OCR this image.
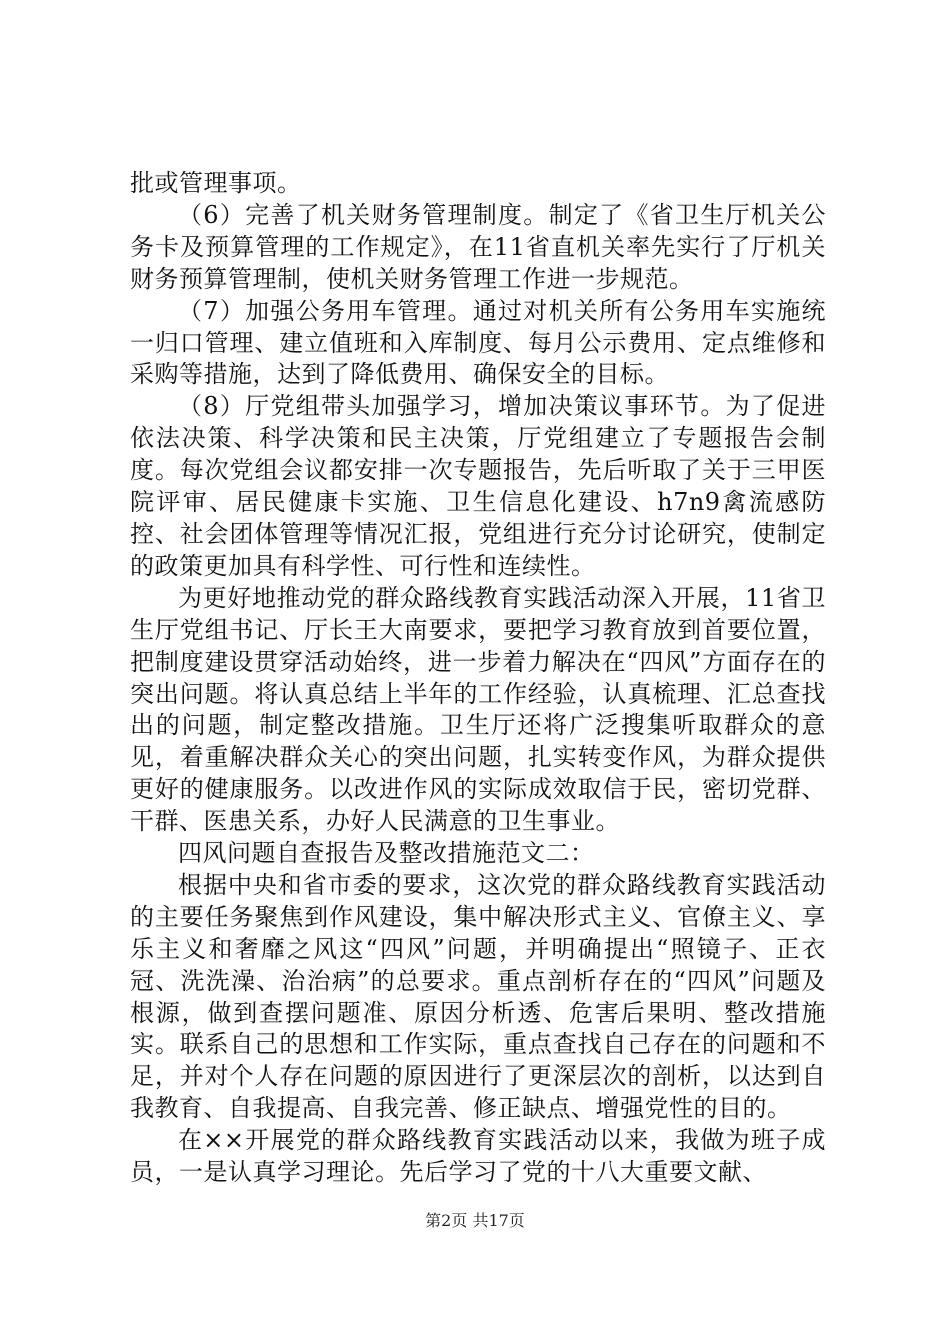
批或管理事项。

（6）完善了机关财务管理制度。制定了《省卫生厅机关公务卡及预算管理的工作规定》，在11省直机关率先实行了厅机关财务预算管理制，使机关财务管理工作进一步规范。

（7）加强公务用车管理。通过对机关所有公务用车实施统一归口管理、建立值班和入库制度、每月公示费用、定点维修和采购等措施，达到了降低费用、确保安全的目标。

（8）厅党组带头加强学习，增加决策议事环节。为了促进依法决策、科学决策和民主决策，厅党组建立了专题报告会制度。每次党组会议都安排一次专题报告，先后听取了关于三甲医院评审、居民健康卡实施、卫生信息化建设、h7n9禽流感防控、社会团体管理等情况汇报，党组进行充分讨论研究，使制定的政策更加具有科学性、可行性和连续性。

为更好地推动党的群众路线教育实践活动深入开展，11省卫生厅党组书记、厅长王大南要求，要把学习教育放到首要位置，把制度建设贯穿活动始终，进一步着力解决在“四风”方面存在的突出问题。将认真总结上半年的工作经验，认真梳理、汇总查找出的问题，制定整改措施。卫生厅还将广泛搜集听取群众的意见，着重解决群众关心的突出问题，扎实转变作风，为群众提供更好的健康服务。以改进作风的实际成效取信于民，密切党群、干群、医患关系，办好人民满意的卫生事业。

四风问题自查报告及整改措施范文二：

根据中央和省市委的要求，这次党的群众路线教育实践活动的主要任务聚焦到作风建设，集中解决形式主义、官僚主义、享乐主义和奢靡之风这“四风”问题，并明确提出“照镜子、正衣冠、洗洗澡、治治病”的总要求。重点剖析存在的“四风”问题及根源，做到查摆问题准、原因分析透、危害后果明、整改措施实。联系自己的思想和工作实际，重点查找自己存在的问题和不足，并对个人存在问题的原因进行了更深层次的剖析，以达到自我教育、自我提高、自我完善、修正缺点、增强党性的目的。

在××开展党的群众路线教育实践活动以来，我做为班子成员，一是认真学习理论。先后学习了党的十八大重要文献、

第2页 共17页
